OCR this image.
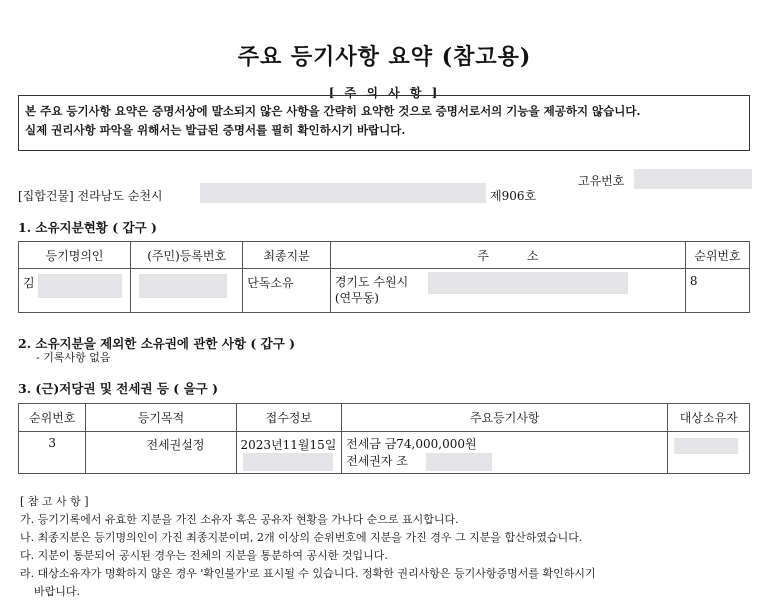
주요 등기사항 요약 (참고용)
[ 주 의 사 항 ]
본 주요 등기사항 요약은 증명서상에 말소되지 않은 사항을 간략히 요약한 것으로 증명서로서의 기능을 제공하지 않습니다.
실제 권리사항 파악을 위해서는 발급된 증명서를 필히 확인하시기 바랍니다.
고유번호
[집합건물] 전라남도 순천시	제906호
1. 소유지분현황 ( 갑구 )
등기명의인	(주민)등록번호	최종지분	주          소	순위번호
김		단독소유	경기도 수원시
(연무동)	8
2. 소유지분을 제외한 소유권에 관한 사항 ( 갑구 )
- 기록사항 없음
3. (근)저당권 및 전세권 등 ( 을구 )
순위번호	등기목적	접수정보	주요등기사항	대상소유자
3	전세권설정	2023년11월15일	전세금 금74,000,000원
전세권자 조	

[ 참 고 사 항 ]
가. 등기기록에서 유효한 지분을 가진 소유자 혹은 공유자 현황을 가나다 순으로 표시합니다.
나. 최종지분은 등기명의인이 가진 최종지분이며, 2개 이상의 순위번호에 지분을 가진 경우 그 지분을 합산하였습니다.
다. 지분이 통분되어 공시된 경우는 전체의 지분을 통분하여 공시한 것입니다.
라. 대상소유자가 명확하지 않은 경우 '확인불가'로 표시될 수 있습니다. 정확한 권리사항은 등기사항증명서를 확인하시기
바랍니다.
